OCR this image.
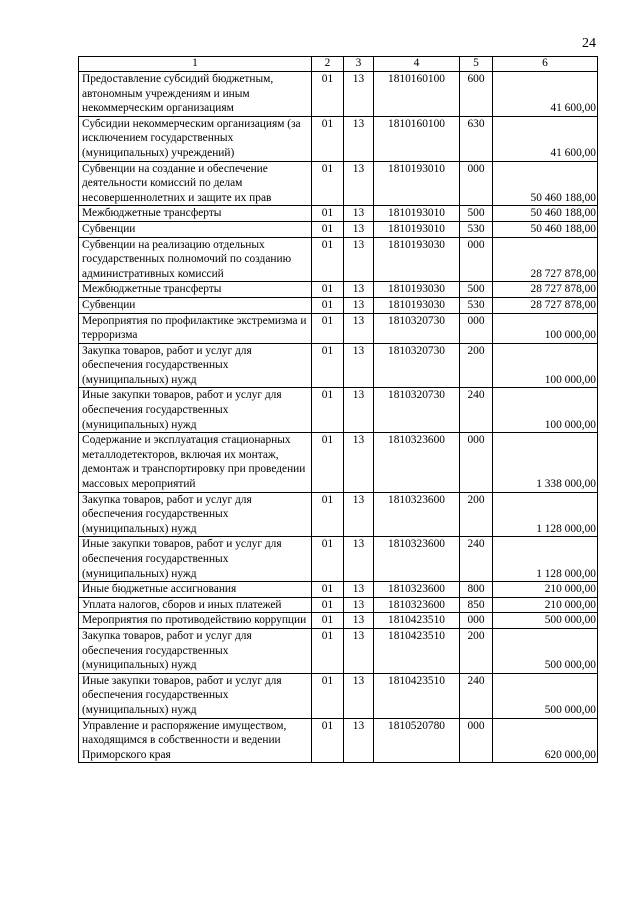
24
1	2	3	4	5	6
Предоставление субсидий бюджетным, автономным учреждениям и иным некоммерческим организациям	01	13	1810160100	600	41 600,00
Субсидии некоммерческим организациям (за исключением государственных (муниципальных) учреждений)	01	13	1810160100	630	41 600,00
Субвенции на создание и обеспечение деятельности комиссий по делам несовершеннолетних и защите их прав	01	13	1810193010	000	50 460 188,00
Межбюджетные трансферты	01	13	1810193010	500	50 460 188,00
Субвенции	01	13	1810193010	530	50 460 188,00
Субвенции на реализацию отдельных государственных полномочий по созданию административных комиссий	01	13	1810193030	000	28 727 878,00
Межбюджетные трансферты	01	13	1810193030	500	28 727 878,00
Субвенции	01	13	1810193030	530	28 727 878,00
Мероприятия по профилактике экстремизма и терроризма	01	13	1810320730	000	100 000,00
Закупка товаров, работ и услуг для обеспечения государственных (муниципальных) нужд	01	13	1810320730	200	100 000,00
Иные закупки товаров, работ и услуг для обеспечения государственных (муниципальных) нужд	01	13	1810320730	240	100 000,00
Содержание и эксплуатация стационарных металлодетекторов, включая их монтаж, демонтаж и транспортировку при проведении массовых мероприятий	01	13	1810323600	000	1 338 000,00
Закупка товаров, работ и услуг для обеспечения государственных (муниципальных) нужд	01	13	1810323600	200	1 128 000,00
Иные закупки товаров, работ и услуг для обеспечения государственных (муниципальных) нужд	01	13	1810323600	240	1 128 000,00
Иные бюджетные ассигнования	01	13	1810323600	800	210 000,00
Уплата налогов, сборов и иных платежей	01	13	1810323600	850	210 000,00
Мероприятия по противодействию коррупции	01	13	1810423510	000	500 000,00
Закупка товаров, работ и услуг для обеспечения государственных (муниципальных) нужд	01	13	1810423510	200	500 000,00
Иные закупки товаров, работ и услуг для обеспечения государственных (муниципальных) нужд	01	13	1810423510	240	500 000,00
Управление и распоряжение имуществом, находящимся в собственности и ведении Приморского края	01	13	1810520780	000	620 000,00
